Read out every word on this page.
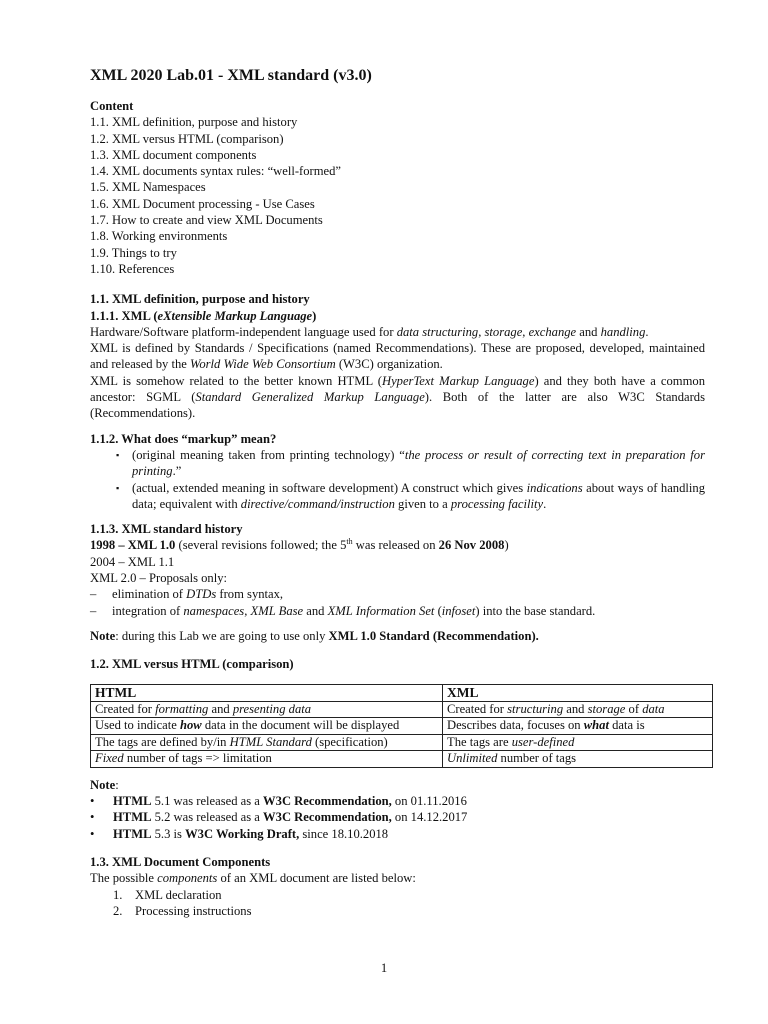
XML 2020 Lab.01 - XML standard (v3.0)
Content
1.1. XML definition, purpose and history
1.2. XML versus HTML (comparison)
1.3. XML document components
1.4. XML documents syntax rules: “well-formed”
1.5. XML Namespaces
1.6. XML Document processing - Use Cases
1.7. How to create and view XML Documents
1.8. Working environments
1.9. Things to try
1.10. References
1.1. XML definition, purpose and history
1.1.1. XML (eXtensible Markup Language)
Hardware/Software platform-independent language used for data structuring, storage, exchange and handling.
XML is defined by Standards / Specifications (named Recommendations). These are proposed, developed, maintained and released by the World Wide Web Consortium (W3C) organization.
XML is somehow related to the better known HTML (HyperText Markup Language) and they both have a common ancestor: SGML (Standard Generalized Markup Language). Both of the latter are also W3C Standards (Recommendations).
1.1.2. What does “markup” mean?
▪ (original meaning taken from printing technology) “the process or result of correcting text in preparation for printing.”
▪ (actual, extended meaning in software development) A construct which gives indications about ways of handling data; equivalent with directive/command/instruction given to a processing facility.
1.1.3. XML standard history
1998 – XML 1.0 (several revisions followed; the 5th was released on 26 Nov 2008)
2004 – XML 1.1
XML 2.0 – Proposals only:
– elimination of DTDs from syntax,
– integration of namespaces, XML Base and XML Information Set (infoset) into the base standard.
Note: during this Lab we are going to use only XML 1.0 Standard (Recommendation).
1.2. XML versus HTML (comparison)
HTML	XML
Created for formatting and presenting data	Created for structuring and storage of data
Used to indicate how data in the document will be displayed	Describes data, focuses on what data is
The tags are defined by/in HTML Standard (specification)	The tags are user-defined
Fixed number of tags => limitation	Unlimited number of tags
Note:
• HTML 5.1 was released as a W3C Recommendation, on 01.11.2016
• HTML 5.2 was released as a W3C Recommendation, on 14.12.2017
• HTML 5.3 is W3C Working Draft, since 18.10.2018
1.3. XML Document Components
The possible components of an XML document are listed below:
1. XML declaration
2. Processing instructions
1
